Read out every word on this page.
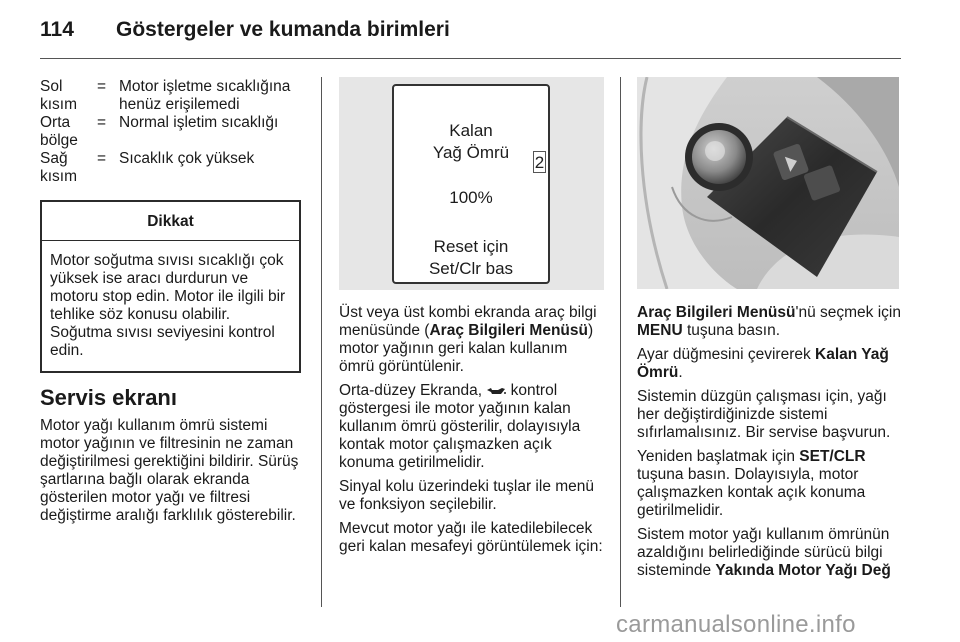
114 Göstergeler ve kumanda birimleri
Sol kısım	=	Motor işletme sıcaklığına henüz erişilemedi
Orta bölge	=	Normal işletim sıcaklığı
Sağ kısım	=	Sıcaklık çok yüksek
Dikkat
Motor soğutma sıvısı sıcaklığı çok yüksek ise aracı durdurun ve motoru stop edin. Motor ile ilgili bir tehlike söz konusu olabilir. Soğutma sıvısı seviyesini kontrol edin.
Servis ekranı

Motor yağı kullanım ömrü sistemi motor yağının ve filtresinin ne zaman değiştirilmesi gerektiğini bildirir. Sürüş şartlarına bağlı olarak ekranda gösterilen motor yağı ve filtresi değiştirme aralığı farklılık gösterebilir.

Kalan
Yağ Ömrü
100%
Reset için
Set/Clr bas
2

Üst veya üst kombi ekranda araç bilgi menüsünde (Araç Bilgileri Menüsü) motor yağının geri kalan kullanım ömrü görüntülenir.

Orta-düzey Ekranda,  kontrol göstergesi ile motor yağının kalan kullanım ömrü gösterilir, dolayısıyla kontak motor çalışmazken açık konuma getirilmelidir.

Sinyal kolu üzerindeki tuşlar ile menü ve fonksiyon seçilebilir.

Mevcut motor yağı ile katedilebilecek geri kalan mesafeyi görüntülemek için:

Araç Bilgileri Menüsü'nü seçmek için MENU tuşuna basın.

Ayar düğmesini çevirerek Kalan Yağ Ömrü.

Sistemin düzgün çalışması için, yağı her değiştirdiğinizde sistemi sıfırlamalısınız. Bir servise başvurun.

Yeniden başlatmak için SET/CLR tuşuna basın. Dolayısıyla, motor çalışmazken kontak açık konuma getirilmelidir.

Sistem motor yağı kullanım ömrünün azaldığını belirlediğinde sürücü bilgi sisteminde Yakında Motor Yağı Değ

carmanualsonline.info
